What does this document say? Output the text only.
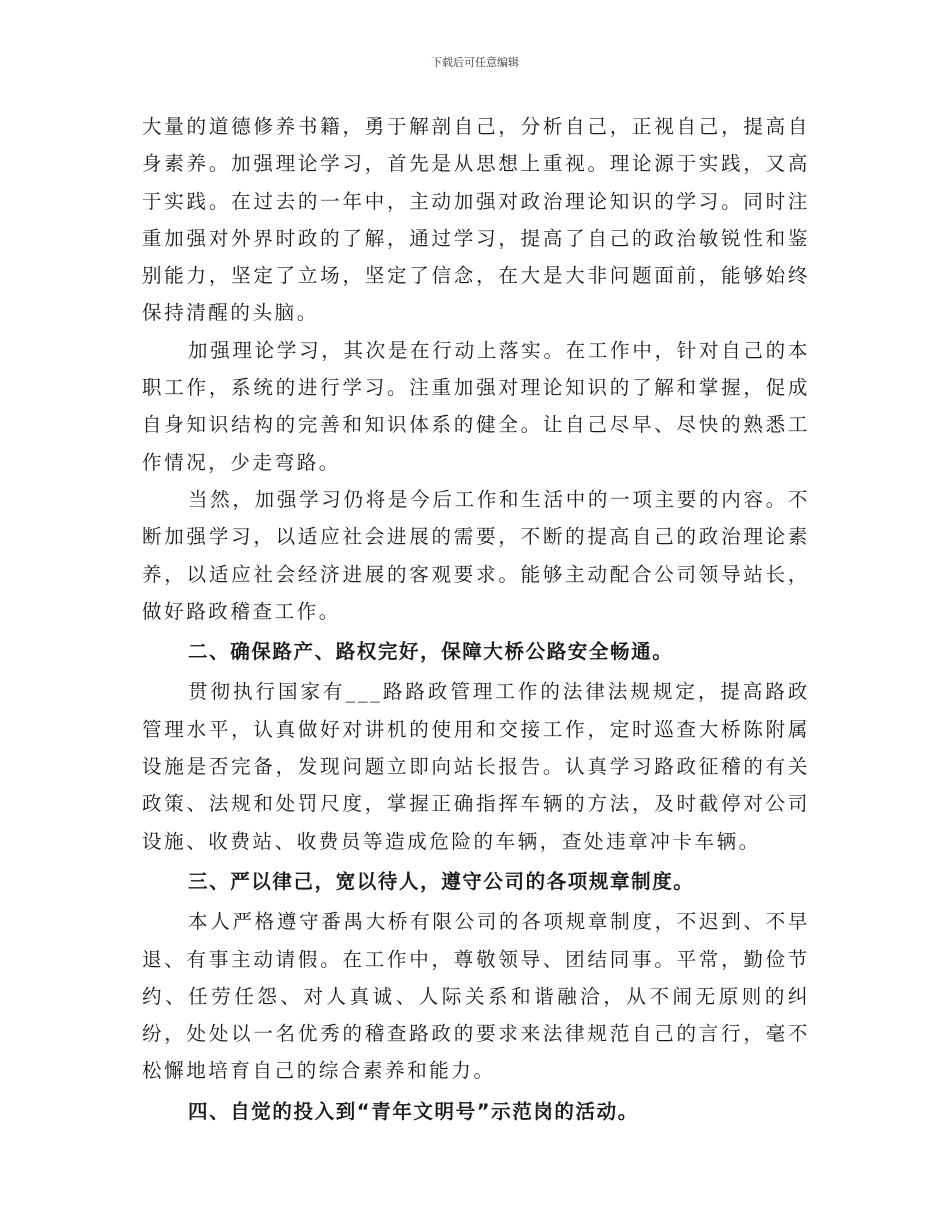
下载后可任意编辑

大量的道德修养书籍，勇于解剖自己，分析自己，正视自己，提高自身素养。加强理论学习，首先是从思想上重视。理论源于实践，又高于实践。在过去的一年中，主动加强对政治理论知识的学习。同时注重加强对外界时政的了解，通过学习，提高了自己的政治敏锐性和鉴别能力，坚定了立场，坚定了信念，在大是大非问题面前，能够始终保持清醒的头脑。

加强理论学习，其次是在行动上落实。在工作中，针对自己的本职工作，系统的进行学习。注重加强对理论知识的了解和掌握，促成自身知识结构的完善和知识体系的健全。让自己尽早、尽快的熟悉工作情况，少走弯路。

当然，加强学习仍将是今后工作和生活中的一项主要的内容。不断加强学习，以适应社会进展的需要，不断的提高自己的政治理论素养，以适应社会经济进展的客观要求。能够主动配合公司领导站长，做好路政稽查工作。

二、确保路产、路权完好，保障大桥公路安全畅通。

贯彻执行国家有___路路政管理工作的法律法规规定，提高路政管理水平，认真做好对讲机的使用和交接工作，定时巡查大桥陈附属设施是否完备，发现问题立即向站长报告。认真学习路政征稽的有关政策、法规和处罚尺度，掌握正确指挥车辆的方法，及时截停对公司设施、收费站、收费员等造成危险的车辆，查处违章冲卡车辆。

三、严以律己，宽以待人，遵守公司的各项规章制度。

本人严格遵守番禺大桥有限公司的各项规章制度，不迟到、不早退、有事主动请假。在工作中，尊敬领导、团结同事。平常，勤俭节约、任劳任怨、对人真诚、人际关系和谐融洽，从不闹无原则的纠纷，处处以一名优秀的稽查路政的要求来法律规范自己的言行，毫不松懈地培育自己的综合素养和能力。

四、自觉的投入到“青年文明号”示范岗的活动。
